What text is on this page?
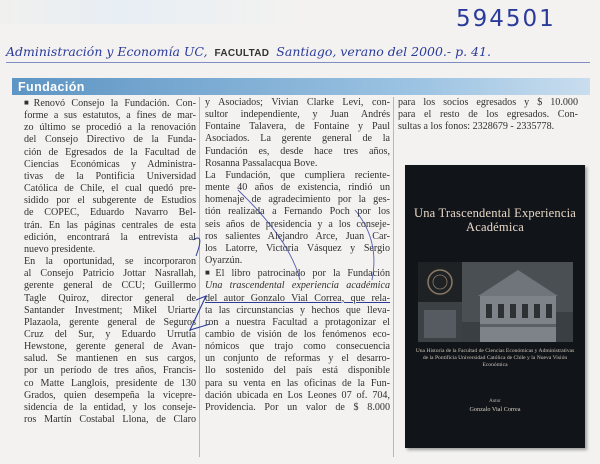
594501
Administración y Economía UC, FACULTAD Santiago, verano del 2000.- p. 41.
Fundación
■Renovó Consejo la Fundación. Con-
forme a sus estatutos, a fines de mar-
zo último se procedió a la renovación
del Consejo Directivo de la Funda-
ción de Egresados de la Facultad de
Ciencias Económicas y Administra-
tivas de la Pontificia Universidad
Católica de Chile, el cual quedó pre-
sidido por el subgerente de Estudios
de COPEC, Eduardo Navarro Bel-
trán. En las páginas centrales de esta
edición, encontrará la entrevista al
nuevo presidente.
En la oportunidad, se incorporaron
al Consejo Patricio Jottar Nasrallah,
gerente general de CCU; Guillermo
Tagle Quiroz, director general de
Santander Investment; Mikel Uriarte
Plazaola, gerente general de Seguros
Cruz del Sur, y Eduardo Urrutia
Hewstone, gerente general de Avan-
salud. Se mantienen en sus cargos,
por un período de tres años, Francis-
co Matte Langlois, presidente de 130
Grados, quien desempeña la vicepre-
sidencia de la entidad, y los conseje-
ros Martín Costabal Llona, de Claro
y Asociados; Vivian Clarke Levi, con-
sultor independiente, y Juan Andrés
Fontaine Talavera, de Fontaine y Paul
Asociados. La gerente general de la
Fundación es, desde hace tres años,
Rosanna Passalacqua Bove.
La Fundación, que cumpliera reciente-
mente 40 años de existencia, rindió un
homenaje de agradecimiento por la ges-
tión realizada a Fernando Poch por los
seis años de presidencia y a los conseje-
ros salientes Alejandro Arce, Juan Car-
los Latorre, Victoria Vásquez y Sergio
Oyarzún.
■El libro patrocinado por la Fundación
Una trascendental experiencia académica
del autor Gonzalo Vial Correa, que rela-
ta las circunstancias y hechos que lleva-
ron a nuestra Facultad a protagonizar el
cambio de visión de los fenómenos eco-
nómicos que trajo como consecuencia
un conjunto de reformas y el desarro-
llo sostenido del país está disponible
para su venta en las oficinas de la Fun-
dación ubicada en Los Leones 07 of. 704,
Providencia. Por un valor de $ 8.000
para los socios egresados y $ 10.000
para el resto de los egresados. Con-
sultas a los fonos: 2328679 - 2335778.
Una Trascendental Experiencia Académica
Una Historia de la Facultad de Ciencias Económicas y Administrativas de la Pontificia Universidad Católica de Chile y la Nueva Visión Económica
Autor
Gonzalo Vial Correa
